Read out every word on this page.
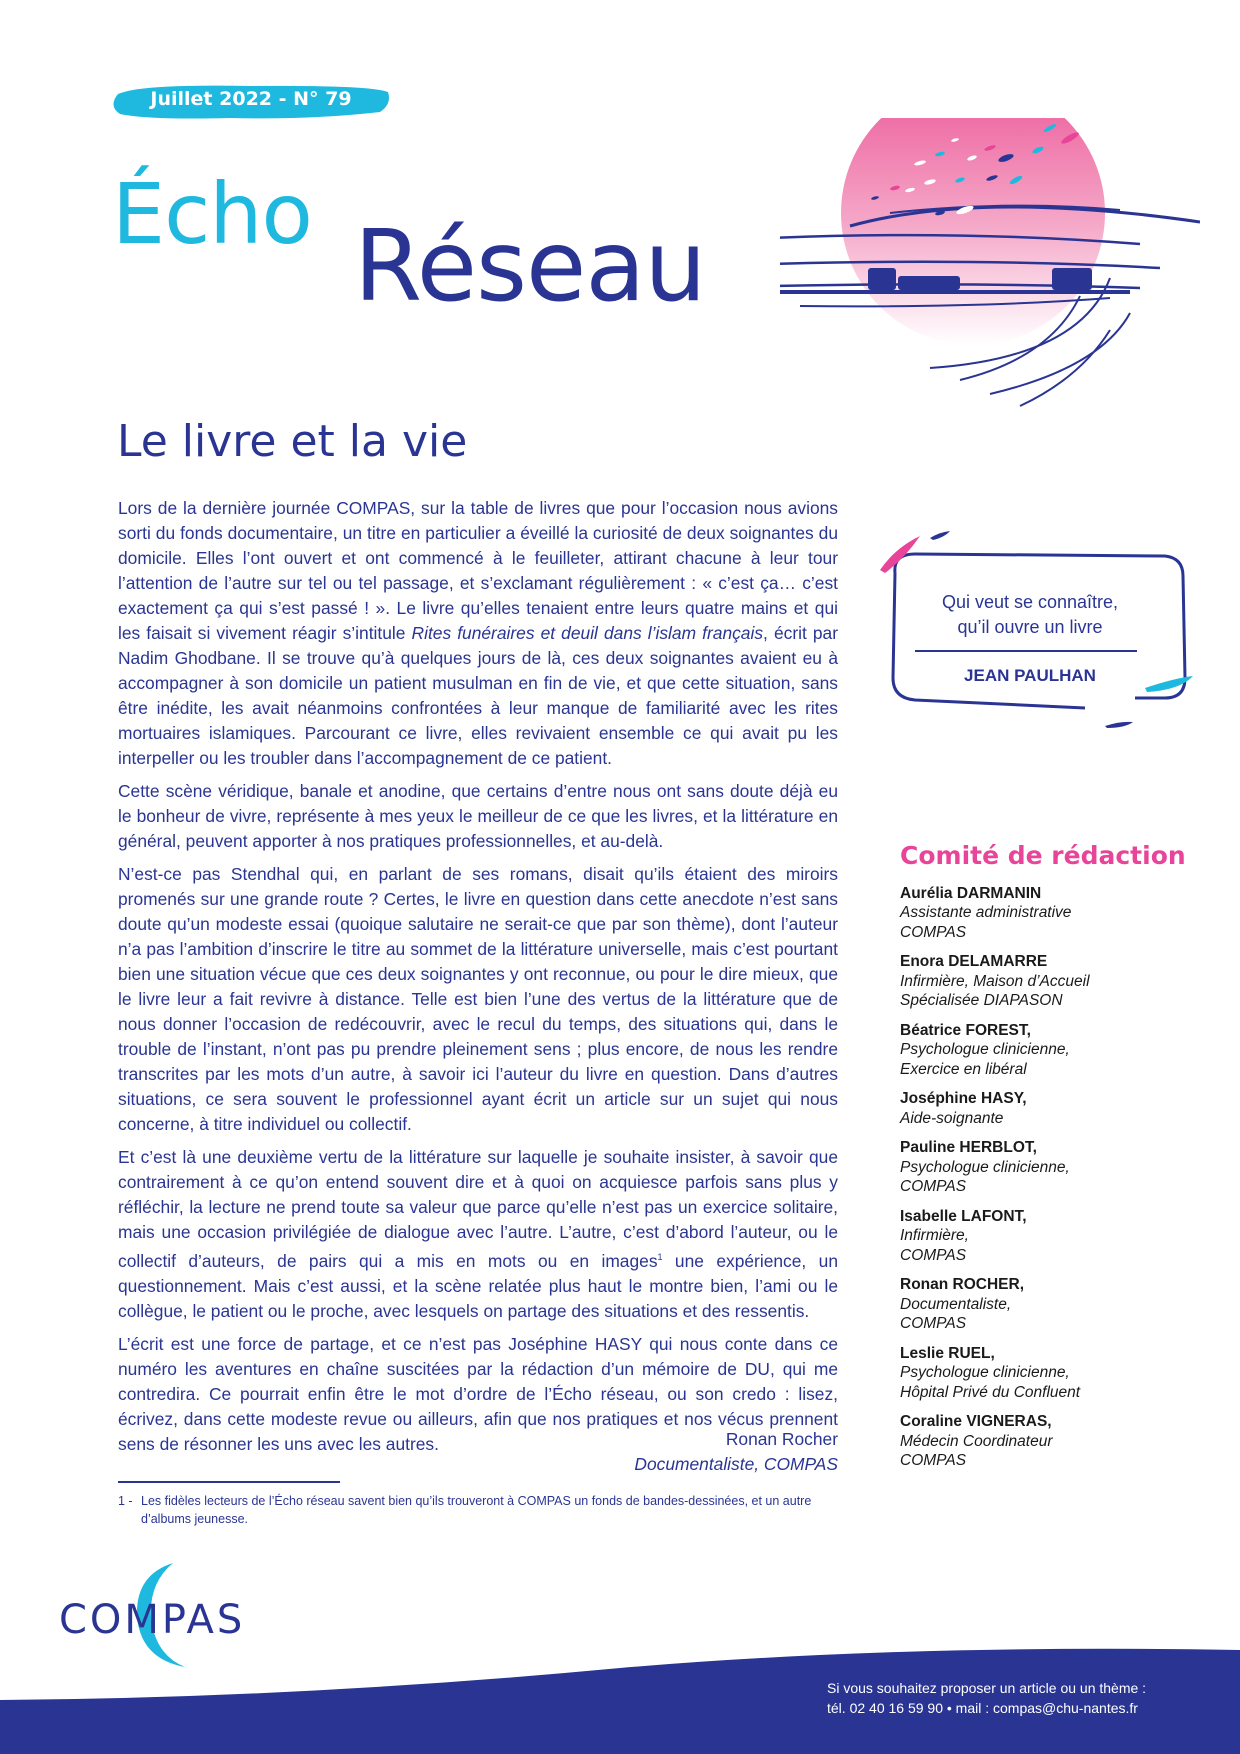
Juillet 2022 - N° 79
Écho Réseau
Le livre et la vie

Lors de la dernière journée COMPAS, sur la table de livres que pour l’occasion nous avions sorti du fonds documentaire, un titre en particulier a éveillé la curiosité de deux soignantes du domicile. Elles l’ont ouvert et ont commencé à le feuilleter, attirant chacune à leur tour l’attention de l’autre sur tel ou tel passage, et s’exclamant régulièrement : « c’est ça… c’est exactement ça qui s’est passé ! ». Le livre qu’elles tenaient entre leurs quatre mains et qui les faisait si vivement réagir s’intitule Rites funéraires et deuil dans l’islam français, écrit par Nadim Ghodbane. Il se trouve qu’à quelques jours de là, ces deux soignantes avaient eu à accompagner à son domicile un patient musulman en fin de vie, et que cette situation, sans être inédite, les avait néanmoins confrontées à leur manque de familiarité avec les rites mortuaires islamiques. Parcourant ce livre, elles revivaient ensemble ce qui avait pu les interpeller ou les troubler dans l’accompagnement de ce patient.

Cette scène véridique, banale et anodine, que certains d’entre nous ont sans doute déjà eu le bonheur de vivre, représente à mes yeux le meilleur de ce que les livres, et la littérature en général, peuvent apporter à nos pratiques professionnelles, et au-delà.

N’est-ce pas Stendhal qui, en parlant de ses romans, disait qu’ils étaient des miroirs promenés sur une grande route ? Certes, le livre en question dans cette anecdote n’est sans doute qu’un modeste essai (quoique salutaire ne serait-ce que par son thème), dont l’auteur n’a pas l’ambition d’inscrire le titre au sommet de la littérature universelle, mais c’est pourtant bien une situation vécue que ces deux soignantes y ont reconnue, ou pour le dire mieux, que le livre leur a fait revivre à distance. Telle est bien l’une des vertus de la littérature que de nous donner l’occasion de redécouvrir, avec le recul du temps, des situations qui, dans le trouble de l’instant, n’ont pas pu prendre pleinement sens ; plus encore, de nous les rendre transcrites par les mots d’un autre, à savoir ici l’auteur du livre en question. Dans d’autres situations, ce sera souvent le professionnel ayant écrit un article sur un sujet qui nous concerne, à titre individuel ou collectif.

Et c’est là une deuxième vertu de la littérature sur laquelle je souhaite insister, à savoir que contrairement à ce qu’on entend souvent dire et à quoi on acquiesce parfois sans plus y réfléchir, la lecture ne prend toute sa valeur que parce qu’elle n’est pas un exercice solitaire, mais une occasion privilégiée de dialogue avec l’autre. L’autre, c’est d’abord l’auteur, ou le collectif d’auteurs, de pairs qui a mis en mots ou en images$^1$ une expérience, un questionnement. Mais c’est aussi, et la scène relatée plus haut le montre bien, l’ami ou le collègue, le patient ou le proche, avec lesquels on partage des situations et des ressentis.

L’écrit est une force de partage, et ce n’est pas Joséphine HASY qui nous conte dans ce numéro les aventures en chaîne suscitées par la rédaction d’un mémoire de DU, qui me contredira. Ce pourrait enfin être le mot d’ordre de l’Écho réseau, ou son credo : lisez, écrivez, dans cette modeste revue ou ailleurs, afin que nos pratiques et nos vécus prennent sens de résonner les uns avec les autres.	Ronan Rocher
Documentaliste, COMPAS
1 - Les fidèles lecteurs de l’Écho réseau savent bien qu’ils trouveront à COMPAS un fonds de bandes-dessinées, et un autre d’albums jeunesse.
Qui veut se connaître,
qu’il ouvre un livre
JEAN PAULHAN
Comité de rédaction
Aurélia DARMANIN
Assistante administrative
COMPAS
Enora DELAMARRE
Infirmière, Maison d’Accueil
Spécialisée DIAPASON
Béatrice FOREST,
Psychologue clinicienne,
Exercice en libéral
Joséphine HASY,
Aide-soignante
Pauline HERBLOT,
Psychologue clinicienne,
COMPAS
Isabelle LAFONT,
Infirmière,
COMPAS
Ronan ROCHER,
Documentaliste,
COMPAS
Leslie RUEL,
Psychologue clinicienne,
Hôpital Privé du Confluent
Coraline VIGNERAS,
Médecin Coordinateur
COMPAS
COMPAS
Si vous souhaitez proposer un article ou un thème :
tél. 02 40 16 59 90 • mail : compas@chu-nantes.fr
